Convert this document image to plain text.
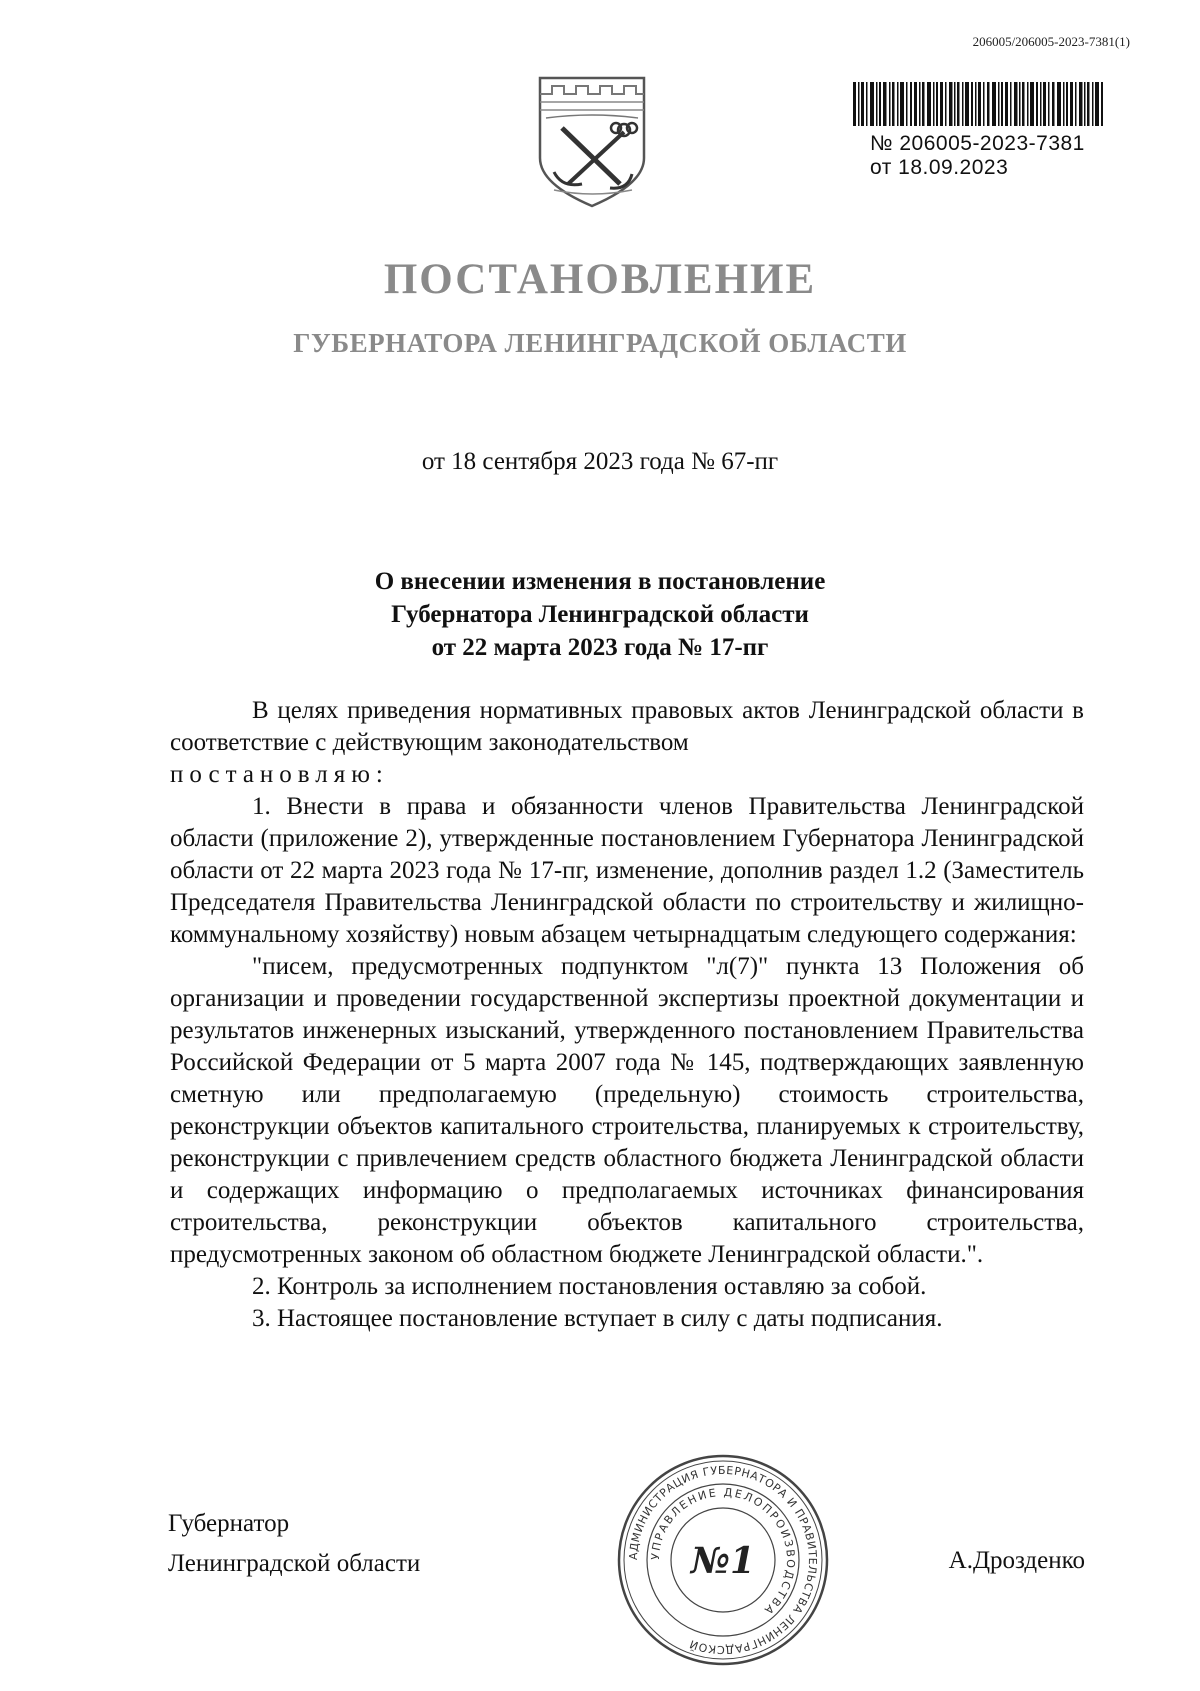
206005/206005-2023-7381(1)
№ 206005-2023-7381
от 18.09.2023
ПОСТАНОВЛЕНИЕ
ГУБЕРНАТОРА ЛЕНИНГРАДСКОЙ ОБЛАСТИ
от 18 сентября 2023 года № 67-пг
О внесении изменения в постановление
Губернатора Ленинградской области
от 22 марта 2023 года № 17-пг

В целях приведения нормативных правовых актов Ленинградской области в соответствие с действующим законодательством

постановляю:

1. Внести в права и обязанности членов Правительства Ленинградской области (приложение 2), утвержденные постановлением Губернатора Ленинградской области от 22 марта 2023 года № 17-пг, изменение, дополнив раздел 1.2 (Заместитель Председателя Правительства Ленинградской области по строительству и жилищно-коммунальному хозяйству) новым абзацем четырнадцатым следующего содержания:

"писем, предусмотренных подпунктом "л(7)" пункта 13 Положения об организации и проведении государственной экспертизы проектной документации и результатов инженерных изысканий, утвержденного постановлением Правительства Российской Федерации от 5 марта 2007 года № 145, подтверждающих заявленную сметную или предполагаемую (предельную) стоимость строительства, реконструкции объектов капитального строительства, планируемых к строительству, реконструкции с привлечением средств областного бюджета Ленинградской области и содержащих информацию о предполагаемых источниках финансирования строительства, реконструкции объектов капитального строительства, предусмотренных законом об областном бюджете Ленинградской области.".

2. Контроль за исполнением постановления оставляю за собой.

3. Настоящее постановление вступает в силу с даты подписания.

Губернатор
Ленинградской области	АДМИНИСТРАЦИЯ ГУБЕРНАТОРА И ПРАВИТЕЛЬСТВА ЛЕНИНГРАДСКОЙ
УПРАВЛЕНИЕ ДЕЛОПРОИЗВОДСТВА
№1	А.Дрозденко
